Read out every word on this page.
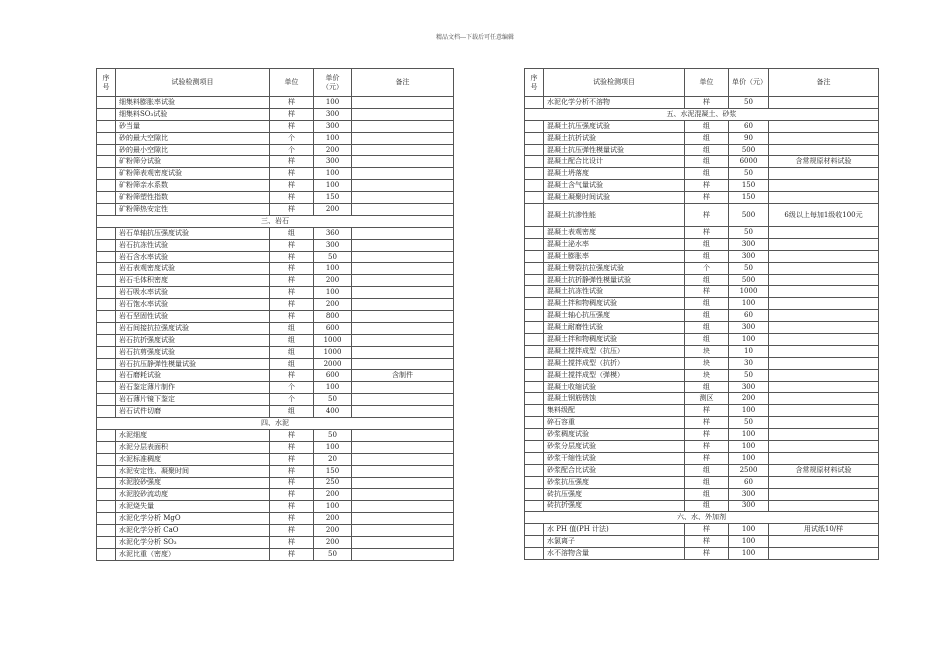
精品文档---下载后可任意编辑
序号	试验检测项目	单位	单价（元）	备注
	细集料膨胀率试验	样	100	
	细集料SO₃试验	样	300	
	砂当量	样	300	
	砂的最大空隙比	个	100	
	砂的最小空隙比	个	200	
	矿粉筛分试验	样	300	
	矿粉筛表观密度试验	样	100	
	矿粉筛亲水系数	样	100	
	矿粉筛塑性指数	样	150	
	矿粉筛热安定性	样	200	
三、岩石				
	岩石单轴抗压强度试验	组	360	
	岩石抗冻性试验	样	300	
	岩石含水率试验	样	50	
	岩石表观密度试验	样	100	
	岩石毛体积密度	样	200	
	岩石吸水率试验	样	100	
	岩石饱水率试验	样	200	
	岩石坚固性试验	样	800	
	岩石间接抗拉强度试验	组	600	
	岩石抗折强度试验	组	1000	
	岩石抗剪强度试验	组	1000	
	岩石抗压静弹性模量试验	组	2000	
	岩石磨耗试验	样	600	含制件
	岩石鉴定薄片制作	个	100	
	岩石薄片镜下鉴定	个	50	
	岩石试件切磨	组	400	
四、水泥				
	水泥细度	样	50	
	水泥分层表面积	样	100	
	水泥标准稠度	样	20	
	水泥安定性、凝聚时间	样	150	
	水泥胶砂强度	样	250	
	水泥胶砂流动度	样	200	
	水泥烧失量	样	100	
	水泥化学分析 MgO	样	200	
	水泥化学分析 CaO	样	200	
	水泥化学分析 SO₃	样	200	
	水泥比重（密度）	样	50	
序号	试验检测项目	单位	单价（元）	备注
	水泥化学分析不溶物	样	50	
五、水泥混凝土、砂浆				
	混凝土抗压强度试验	组	60	
	混凝土抗折试验	组	90	
	混凝土抗压弹性模量试验	组	500	
	混凝土配合比设计	组	6000	含常规原材料试验
	混凝土坍落度	组	50	
	混凝土含气量试验	样	150	
	混凝土凝聚时间试验	样	150	
	混凝土抗渗性能	样	500	6级以上每加1级收100元
	混凝土表观密度	样	50	
	混凝土泌水率	组	300	
	混凝土膨胀率	组	300	
	混凝土劈裂抗拉强度试验	个	50	
	混凝土抗折静弹性模量试验	组	500	
	混凝土抗冻性试验	样	1000	
	混凝土拌和物稠度试验	组	100	
	混凝土轴心抗压强度	组	60	
	混凝土耐磨性试验	组	300	
	混凝土拌和物稠度试验	组	100	
	混凝土搅拌成型（抗压）	块	10	
	混凝土搅拌成型（抗折）	块	30	
	混凝土搅拌成型（弹模）	块	50	
	混凝土收缩试验	组	300	
	混凝土钢筋锈蚀	测区	200	
	集料级配	样	100	
	碎石容重	样	50	
	砂浆稠度试验	样	100	
	砂浆分层度试验	样	100	
	砂浆干缩性试验	样	100	
	砂浆配合比试验	组	2500	含常规原材料试验
	砂浆抗压强度	组	60	
	砖抗压强度	组	300	
	砖抗折强度	组	300	
六、水、外加剂				
	水 PH 值(PH 计法)	样	100	用试纸10/样
	水氯离子	样	100	
	水不溶物含量	样	100	
